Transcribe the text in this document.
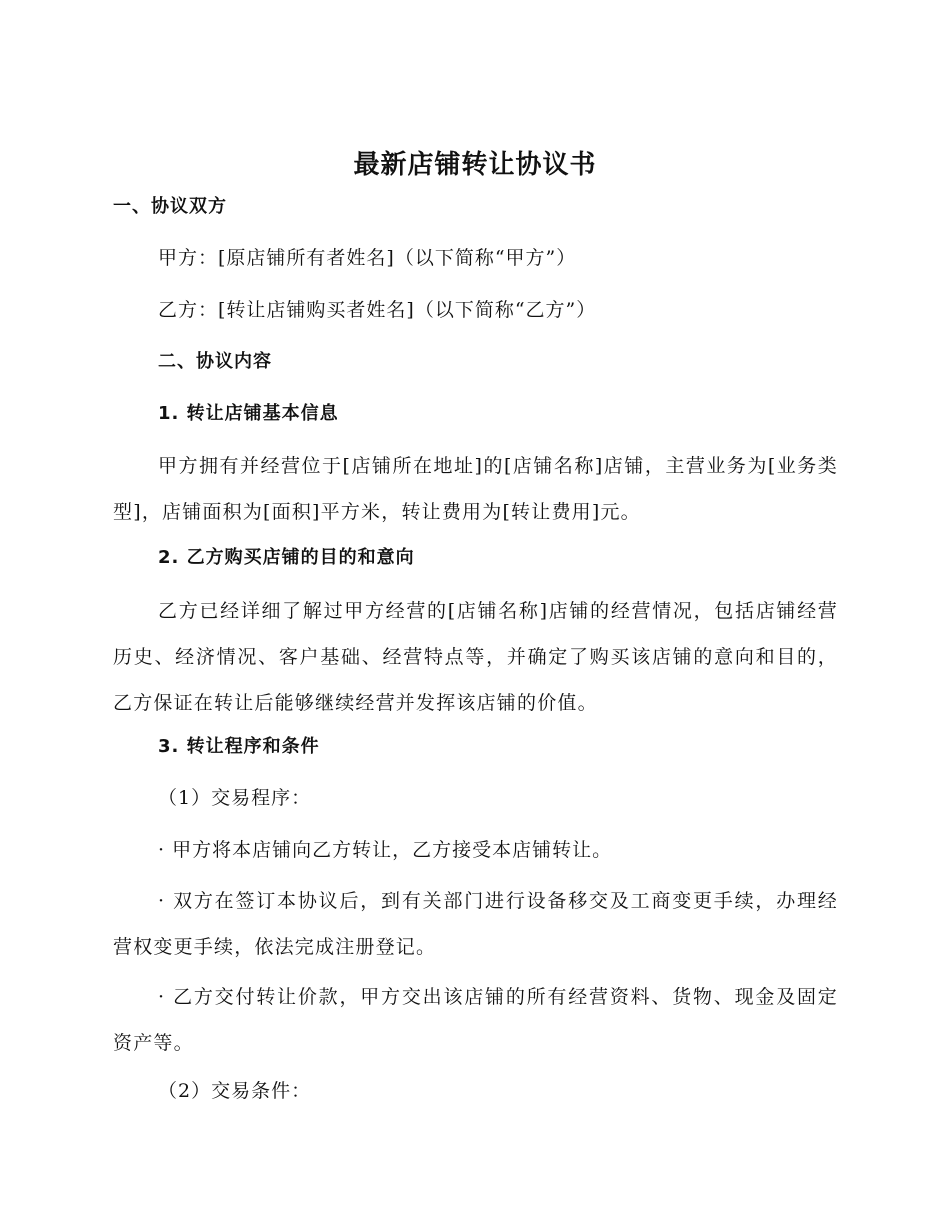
最新店铺转让协议书
一、协议双方
甲方：[原店铺所有者姓名]（以下简称“甲方”）
乙方：[转让店铺购买者姓名]（以下简称“乙方”）
二、协议内容
1. 转让店铺基本信息
甲方拥有并经营位于[店铺所在地址]的[店铺名称]店铺，主营业务为[业务类型]，店铺面积为[面积]平方米，转让费用为[转让费用]元。
2. 乙方购买店铺的目的和意向
乙方已经详细了解过甲方经营的[店铺名称]店铺的经营情况，包括店铺经营历史、经济情况、客户基础、经营特点等，并确定了购买该店铺的意向和目的，乙方保证在转让后能够继续经营并发挥该店铺的价值。
3. 转让程序和条件
（1）交易程序：
· 甲方将本店铺向乙方转让，乙方接受本店铺转让。
· 双方在签订本协议后，到有关部门进行设备移交及工商变更手续，办理经营权变更手续，依法完成注册登记。
· 乙方交付转让价款，甲方交出该店铺的所有经营资料、货物、现金及固定资产等。
（2）交易条件：
